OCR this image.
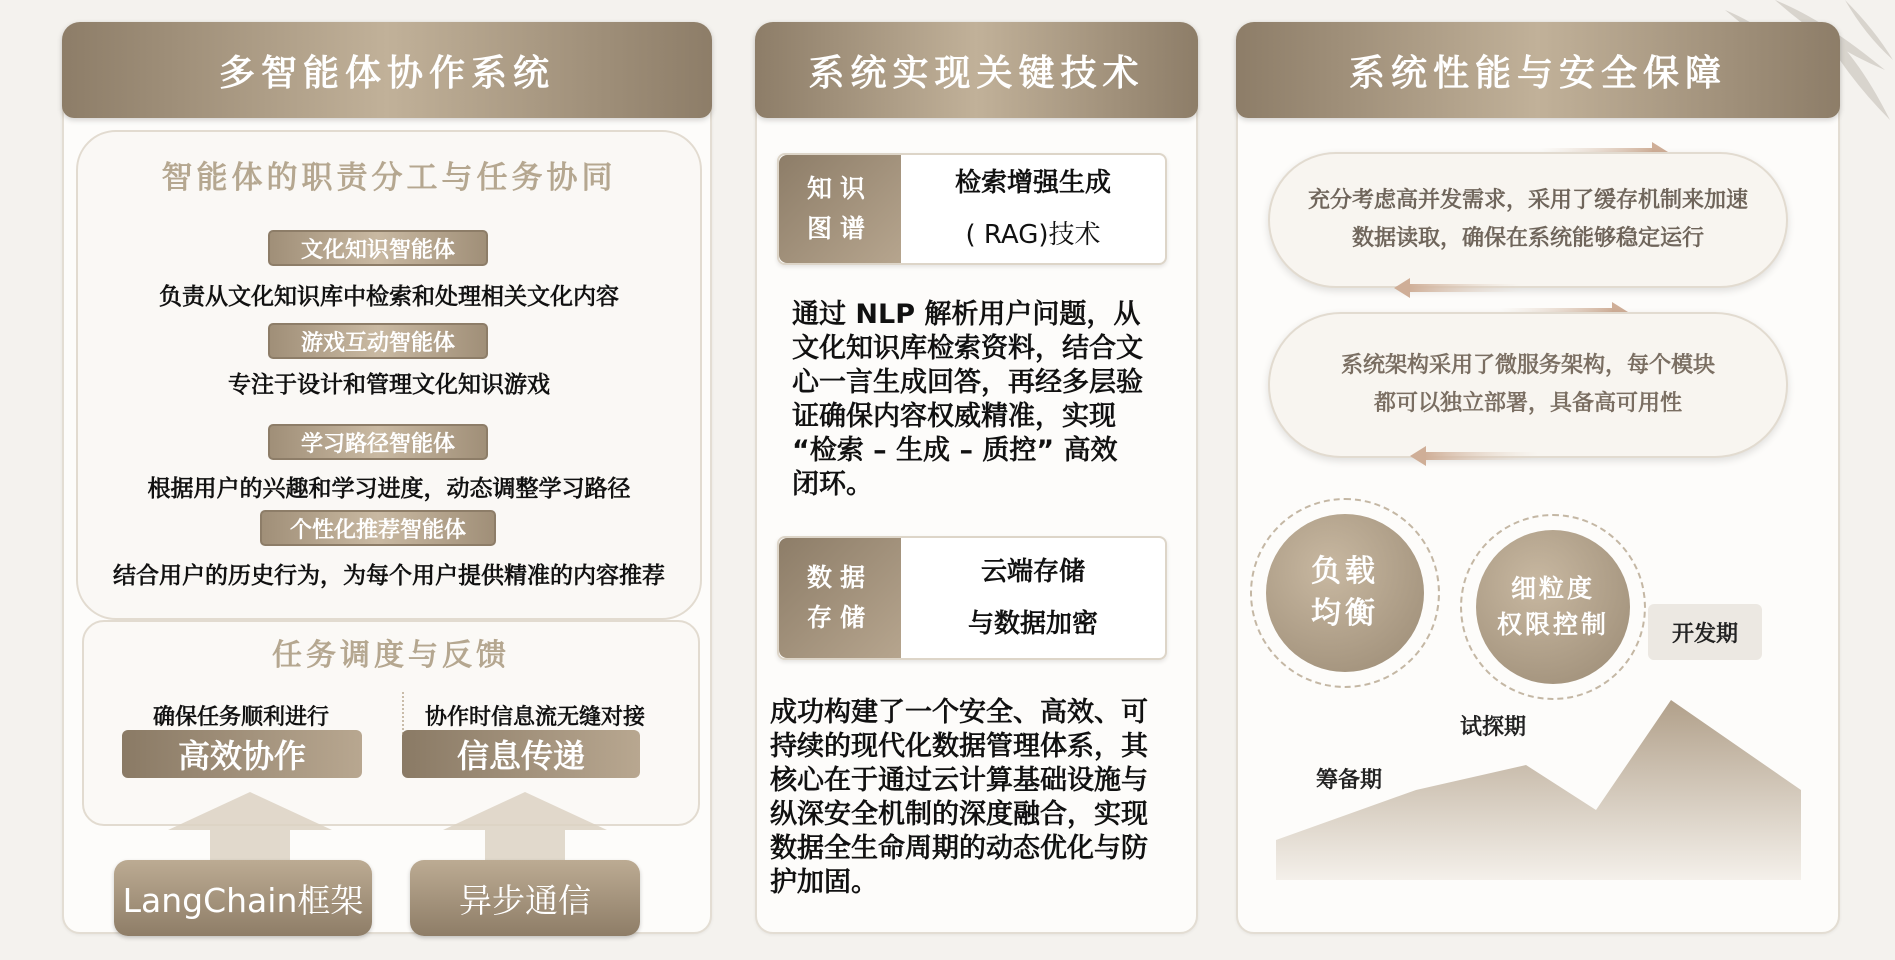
多智能体协作系统
智能体的职责分工与任务协同
文化知识智能体
负责从文化知识库中检索和处理相关文化内容
游戏互动智能体
专注于设计和管理文化知识游戏
学习路径智能体
根据用户的兴趣和学习进度，动态调整学习路径
个性化推荐智能体
结合用户的历史行为，为每个用户提供精准的内容推荐
任务调度与反馈
确保任务顺利进行
高效协作
协作时信息流无缝对接
信息传递
LangChain框架	异步通信
系统实现关键技术
知识
图谱
检索增强生成
( RAG)技术
通过 NLP 解析用户问题，从
文化知识库检索资料，结合文
心一言生成回答，再经多层验
证确保内容权威精准，实现
“检索 – 生成 – 质控” 高效
闭环。
数据
存储
云端存储
与数据加密
成功构建了一个安全、高效、可
持续的现代化数据管理体系，其
核心在于通过云计算基础设施与
纵深安全机制的深度融合，实现
数据全生命周期的动态优化与防
护加固。
系统性能与安全保障
充分考虑高并发需求，采用了缓存机制来加速
数据读取，确保在系统能够稳定运行
系统架构采用了微服务架构，每个模块
都可以独立部署，具备高可用性
负载
均衡
细粒度
权限控制
筹备期
试探期
开发期
